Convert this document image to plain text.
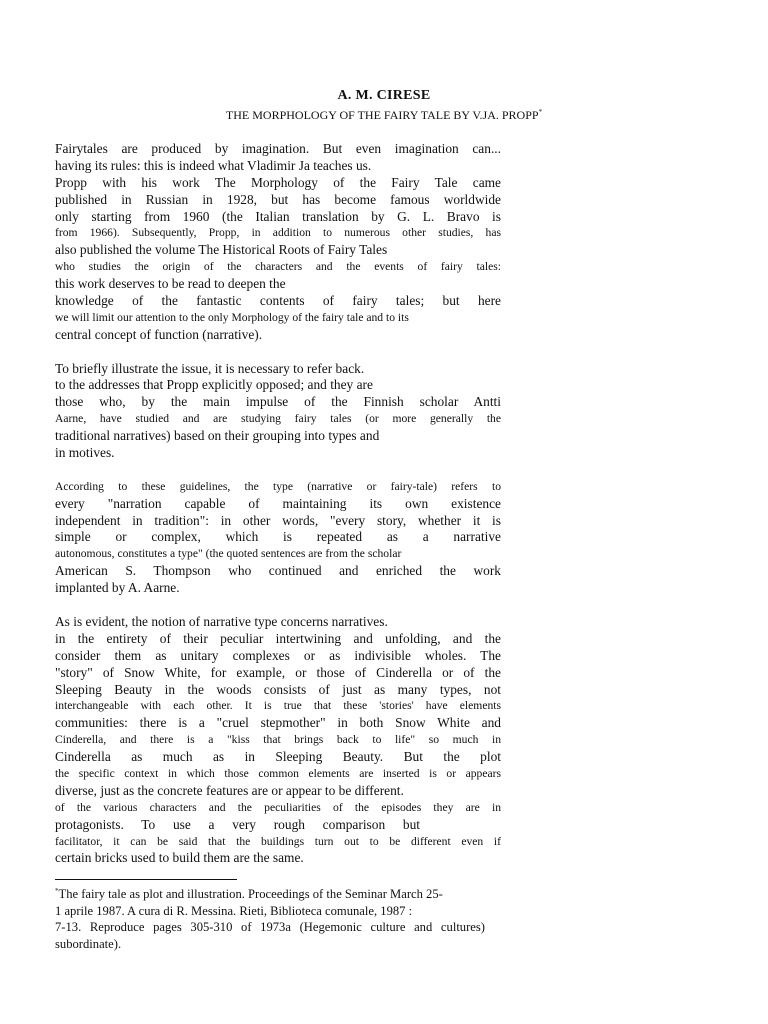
A. M. CIRESE
THE MORPHOLOGY OF THE FAIRY TALE BY V.JA. PROPP*
Fairytales are produced by imagination. But even imagination can...
having its rules: this is indeed what Vladimir Ja teaches us.
Propp with his work The Morphology of the Fairy Tale came
published in Russian in 1928, but has become famous worldwide
only starting from 1960 (the Italian translation by G. L. Bravo is
from 1966). Subsequently, Propp, in addition to numerous other studies, has
also published the volume The Historical Roots of Fairy Tales
who studies the origin of the characters and the events of fairy tales:
this work deserves to be read to deepen the
knowledge of the fantastic contents of fairy tales; but here
we will limit our attention to the only Morphology of the fairy tale and to its
central concept of function (narrative).
To briefly illustrate the issue, it is necessary to refer back.
to the addresses that Propp explicitly opposed; and they are
those who, by the main impulse of the Finnish scholar Antti
Aarne, have studied and are studying fairy tales (or more generally the
traditional narratives) based on their grouping into types and
in motives.
According to these guidelines, the type (narrative or fairy-tale) refers to
every "narration capable of maintaining its own existence
independent in tradition": in other words, "every story, whether it is
simple or complex, which is repeated as a narrative
autonomous, constitutes a type" (the quoted sentences are from the scholar
American S. Thompson who continued and enriched the work
implanted by A. Aarne.
As is evident, the notion of narrative type concerns narratives.
in the entirety of their peculiar intertwining and unfolding, and the
consider them as unitary complexes or as indivisible wholes. The
"story" of Snow White, for example, or those of Cinderella or of the
Sleeping Beauty in the woods consists of just as many types, not
interchangeable with each other. It is true that these 'stories' have elements
communities: there is a "cruel stepmother" in both Snow White and
Cinderella, and there is a "kiss that brings back to life" so much in
Cinderella as much as in Sleeping Beauty. But the plot
the specific context in which those common elements are inserted is or appears
diverse, just as the concrete features are or appear to be different.
of the various characters and the peculiarities of the episodes they are in
protagonists. To use a very rough comparison but
facilitator, it can be said that the buildings turn out to be different even if
certain bricks used to build them are the same.
*The fairy tale as plot and illustration. Proceedings of the Seminar March 25-
1 aprile 1987. A cura di R. Messina. Rieti, Biblioteca comunale, 1987 :
7-13. Reproduce pages 305-310 of 1973a (Hegemonic culture and cultures)
subordinate).
